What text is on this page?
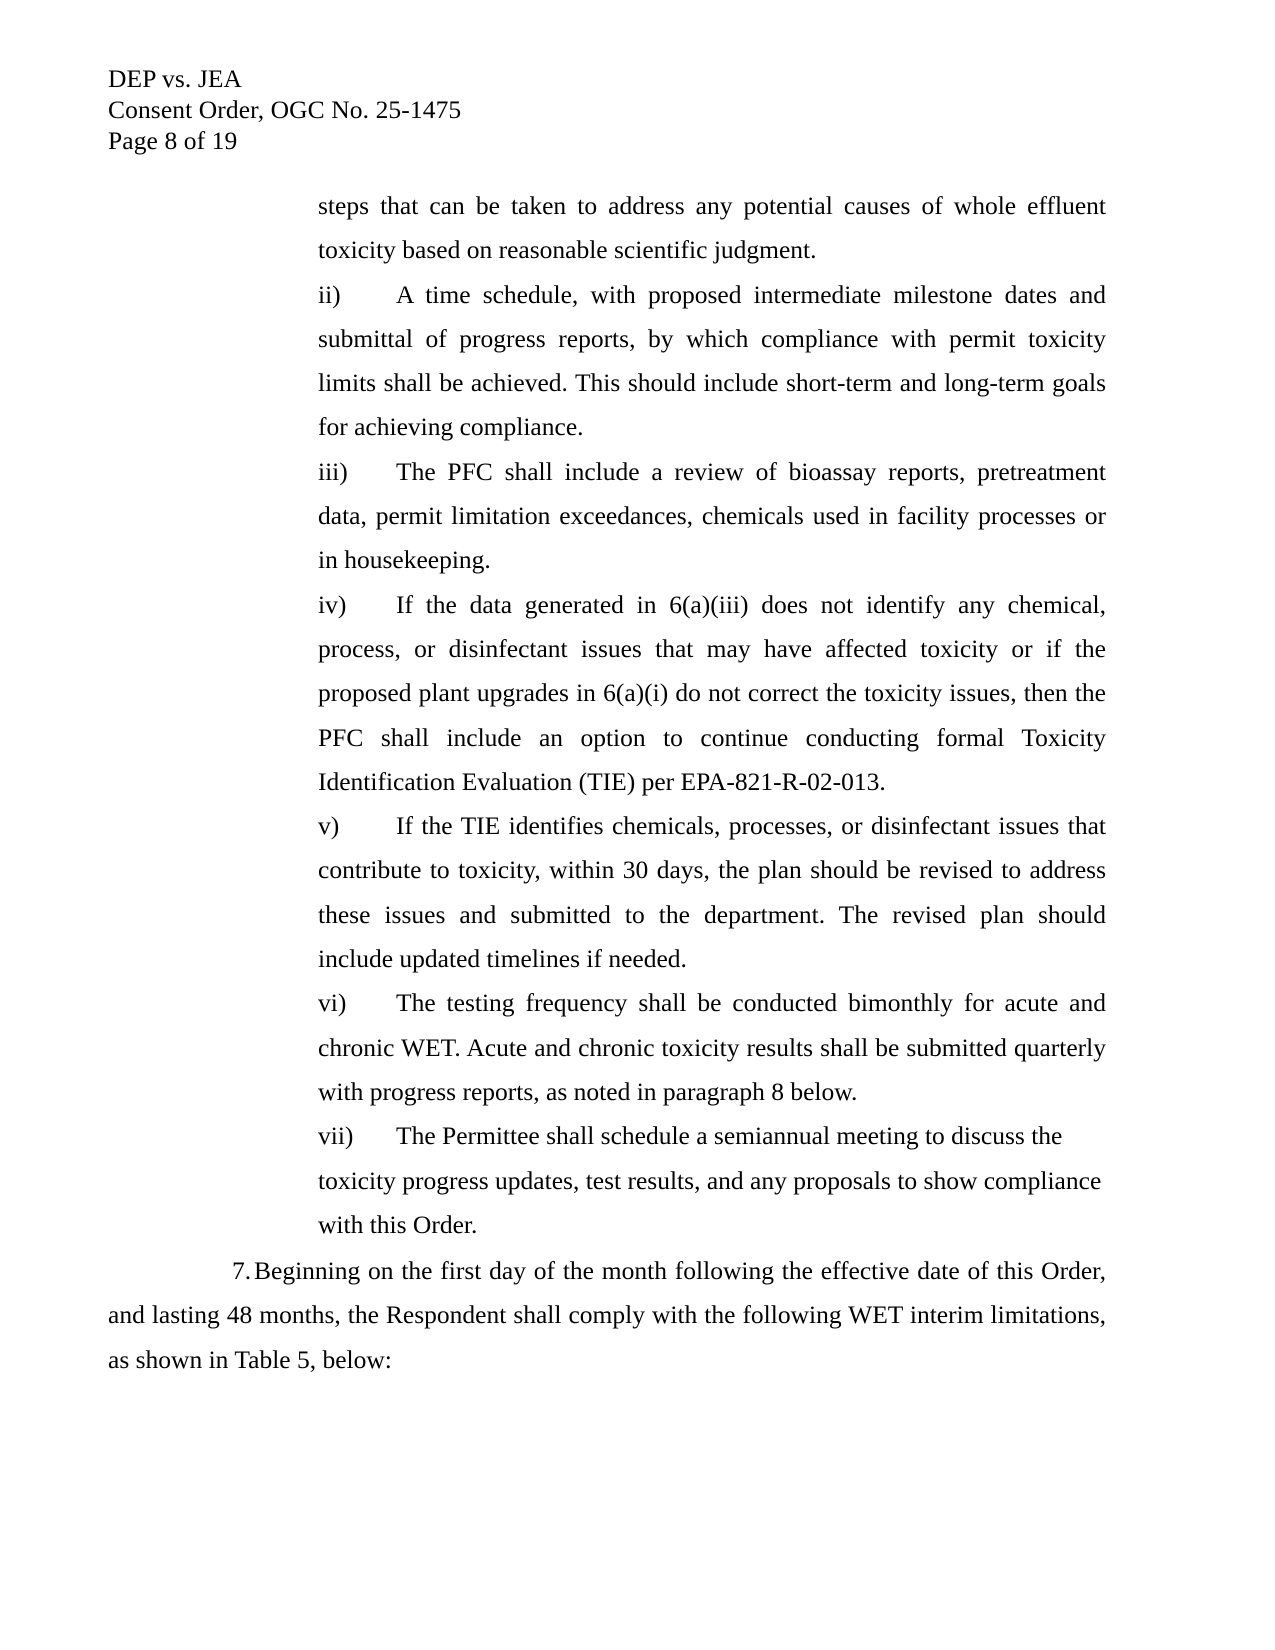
DEP vs. JEA
Consent Order, OGC No. 25-1475
Page 8 of 19

steps that can be taken to address any potential causes of whole effluent toxicity based on reasonable scientific judgment.

ii) A time schedule, with proposed intermediate milestone dates and submittal of progress reports, by which compliance with permit toxicity limits shall be achieved. This should include short-term and long-term goals for achieving compliance.

iii) The PFC shall include a review of bioassay reports, pretreatment data, permit limitation exceedances, chemicals used in facility processes or in housekeeping.

iv) If the data generated in 6(a)(iii) does not identify any chemical, process, or disinfectant issues that may have affected toxicity or if the proposed plant upgrades in 6(a)(i) do not correct the toxicity issues, then the PFC shall include an option to continue conducting formal Toxicity Identification Evaluation (TIE) per EPA-821-R-02-013.

v) If the TIE identifies chemicals, processes, or disinfectant issues that contribute to toxicity, within 30 days, the plan should be revised to address these issues and submitted to the department. The revised plan should include updated timelines if needed.

vi) The testing frequency shall be conducted bimonthly for acute and chronic WET. Acute and chronic toxicity results shall be submitted quarterly with progress reports, as noted in paragraph 8 below.

vii) The Permittee shall schedule a semiannual meeting to discuss the toxicity progress updates, test results, and any proposals to show compliance with this Order.

7. Beginning on the first day of the month following the effective date of this Order, and lasting 48 months, the Respondent shall comply with the following WET interim limitations, as shown in Table 5, below:
